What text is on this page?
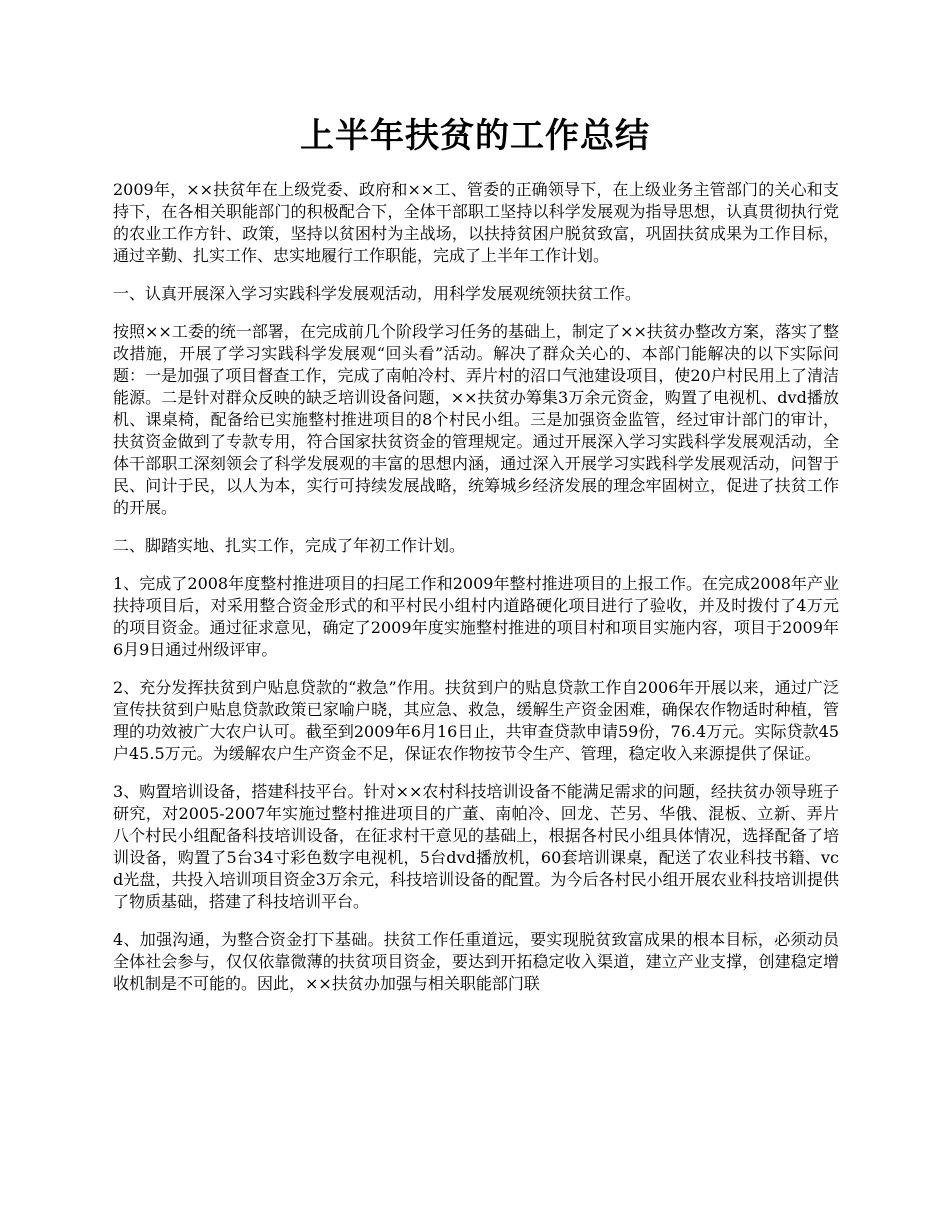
上半年扶贫的工作总结

2009年，××扶贫年在上级党委、政府和××工、管委的正确领导下，在上级业务主管部门的关心和支持下，在各相关职能部门的积极配合下，全体干部职工坚持以科学发展观为指导思想，认真贯彻执行党的农业工作方针、政策，坚持以贫困村为主战场，以扶持贫困户脱贫致富，巩固扶贫成果为工作目标，通过辛勤、扎实工作、忠实地履行工作职能，完成了上半年工作计划。

一、认真开展深入学习实践科学发展观活动，用科学发展观统领扶贫工作。

按照××工委的统一部署，在完成前几个阶段学习任务的基础上，制定了××扶贫办整改方案，落实了整改措施，开展了学习实践科学发展观“回头看”活动。解决了群众关心的、本部门能解决的以下实际问题：一是加强了项目督查工作，完成了南帕冷村、弄片村的沼口气池建设项目，使20户村民用上了清洁能源。二是针对群众反映的缺乏培训设备问题，××扶贫办筹集3万余元资金，购置了电视机、dvd播放机、课桌椅，配备给已实施整村推进项目的8个村民小组。三是加强资金监管，经过审计部门的审计，扶贫资金做到了专款专用，符合国家扶贫资金的管理规定。通过开展深入学习实践科学发展观活动，全体干部职工深刻领会了科学发展观的丰富的思想内涵，通过深入开展学习实践科学发展观活动，问智于民、问计于民，以人为本，实行可持续发展战略，统筹城乡经济发展的理念牢固树立，促进了扶贫工作的开展。

二、脚踏实地、扎实工作，完成了年初工作计划。

1、完成了2008年度整村推进项目的扫尾工作和2009年整村推进项目的上报工作。在完成2008年产业扶持项目后，对采用整合资金形式的和平村民小组村内道路硬化项目进行了验收，并及时拨付了4万元的项目资金。通过征求意见，确定了2009年度实施整村推进的项目村和项目实施内容，项目于2009年6月9日通过州级评审。

2、充分发挥扶贫到户贴息贷款的“救急”作用。扶贫到户的贴息贷款工作自2006年开展以来，通过广泛宣传扶贫到户贴息贷款政策已家喻户晓，其应急、救急，缓解生产资金困难，确保农作物适时种植，管理的功效被广大农户认可。截至到2009年6月16日止，共审查贷款申请59份，76.4万元。实际贷款45户45.5万元。为缓解农户生产资金不足，保证农作物按节令生产、管理，稳定收入来源提供了保证。

3、购置培训设备，搭建科技平台。针对××农村科技培训设备不能满足需求的问题，经扶贫办领导班子研究，对2005-2007年实施过整村推进项目的广董、南帕冷、回龙、芒另、华俄、混板、立新、弄片八个村民小组配备科技培训设备，在征求村干意见的基础上，根据各村民小组具体情况，选择配备了培训设备，购置了5台34寸彩色数字电视机，5台dvd播放机，60套培训课桌，配送了农业科技书籍、vcd光盘，共投入培训项目资金3万余元，科技培训设备的配置。为今后各村民小组开展农业科技培训提供了物质基础，搭建了科技培训平台。

4、加强沟通，为整合资金打下基础。扶贫工作任重道远，要实现脱贫致富成果的根本目标，必须动员全体社会参与，仅仅依靠微薄的扶贫项目资金，要达到开拓稳定收入渠道，建立产业支撑，创建稳定增收机制是不可能的。因此，××扶贫办加强与相关职能部门联
